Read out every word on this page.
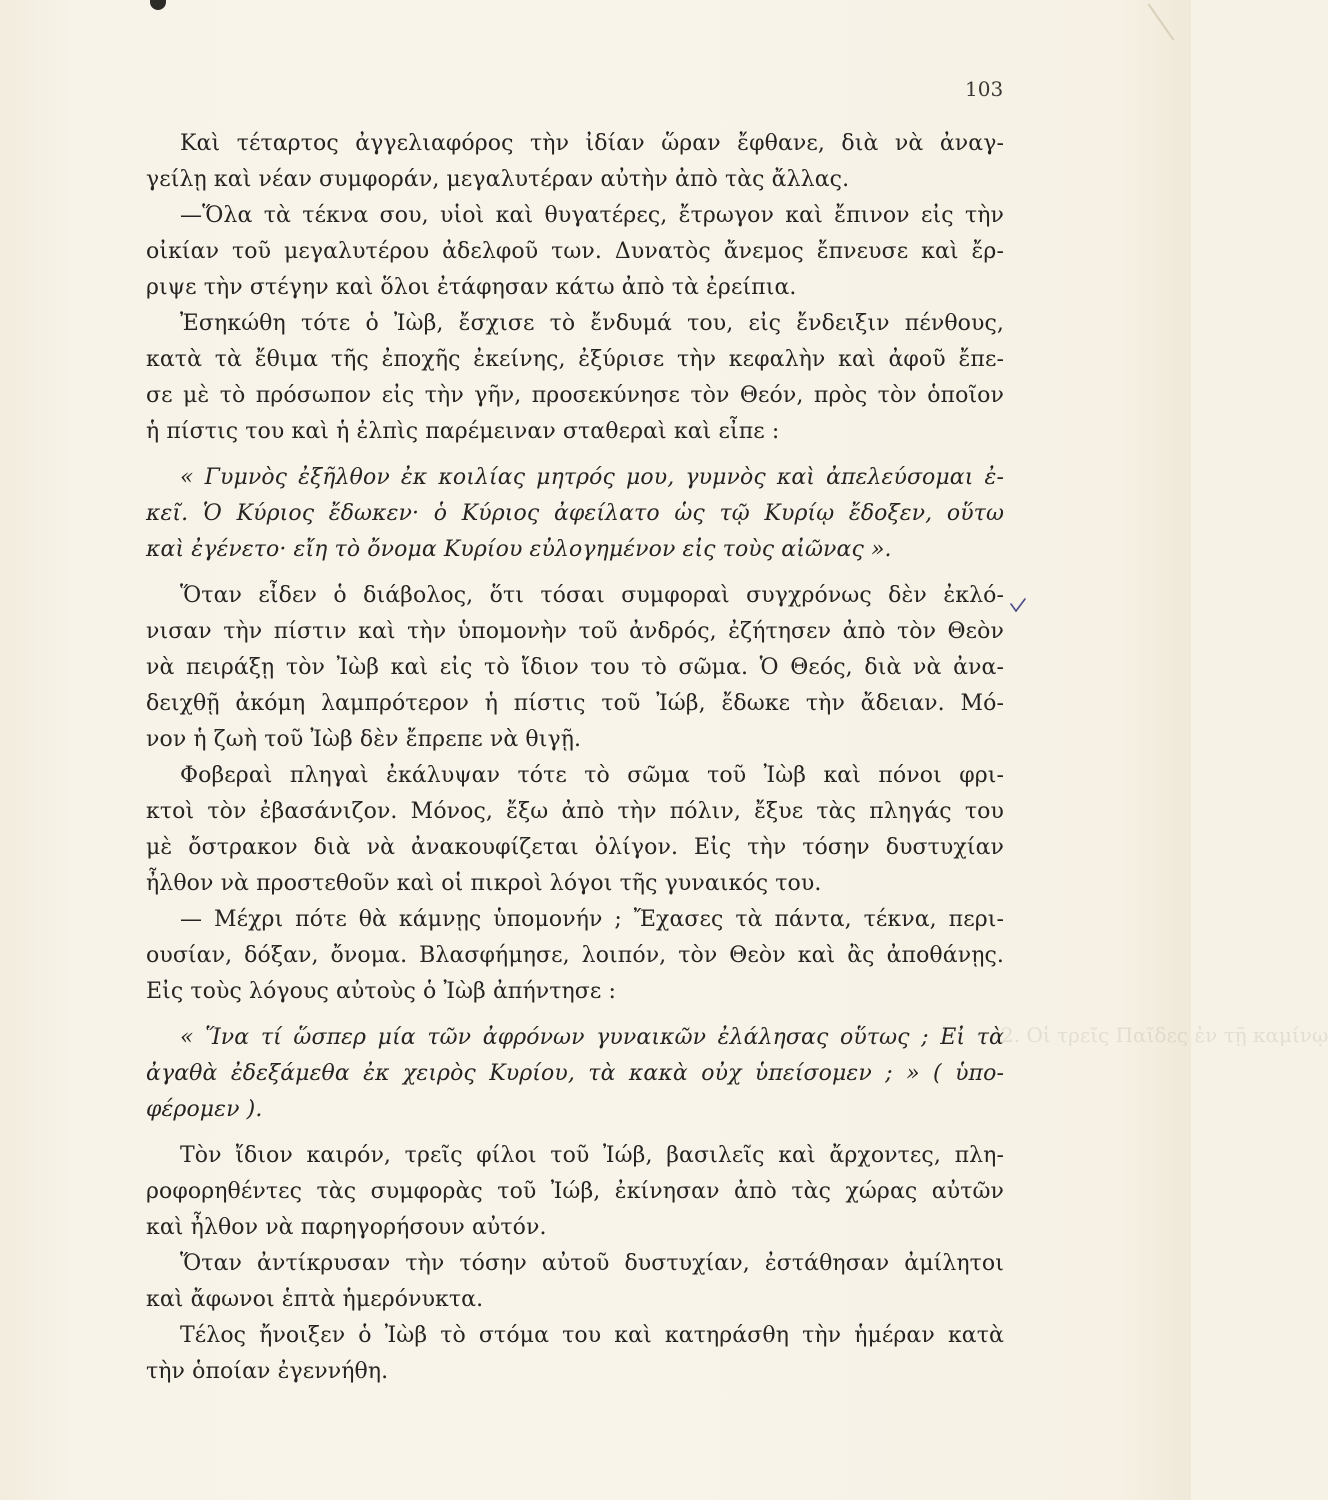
ἐν τῇ καμίνῳ
103
Καὶ τέταρτος ἀγγελιαφόρος τὴν ἰδίαν ὥραν ἔφθανε, διὰ νὰ ἀναγ-
γείλῃ καὶ νέαν συμφοράν, μεγαλυτέραν αὐτὴν ἀπὸ τὰς ἄλλας.
—Ὅλα τὰ τέκνα σου, υἱοὶ καὶ θυγατέρες, ἔτρωγον καὶ ἔπινον εἰς τὴν
οἰκίαν τοῦ μεγαλυτέρου ἀδελφοῦ των. Δυνατὸς ἄνεμος ἔπνευσε καὶ ἔρ-
ριψε τὴν στέγην καὶ ὅλοι ἐτάφησαν κάτω ἀπὸ τὰ ἐρείπια.
Ἐσηκώθη τότε ὁ Ἰὼβ, ἔσχισε τὸ ἔνδυμά του, εἰς ἔνδειξιν πένθους,
κατὰ τὰ ἔθιμα τῆς ἐποχῆς ἐκείνης, ἐξύρισε τὴν κεφαλὴν καὶ ἀφοῦ ἔπε-
σε μὲ τὸ πρόσωπον εἰς τὴν γῆν, προσεκύνησε τὸν Θεόν, πρὸς τὸν ὁποῖον
ἡ πίστις του καὶ ἡ ἐλπὶς παρέμειναν σταθεραὶ καὶ εἶπε :
« Γυμνὸς ἐξῆλθον ἐκ κοιλίας μητρός μου, γυμνὸς καὶ ἀπελεύσομαι ἐ-
κεῖ. Ὁ Κύριος ἔδωκεν· ὁ Κύριος ἀφείλατο ὡς τῷ Κυρίῳ ἔδοξεν, οὕτω
καὶ ἐγένετο· εἴη τὸ ὄνομα Κυρίου εὐλογημένον εἰς τοὺς αἰῶνας ».
Ὅταν εἶδεν ὁ διάβολος, ὅτι τόσαι συμφοραὶ συγχρόνως δὲν ἐκλό-
νισαν τὴν πίστιν καὶ τὴν ὑπομονὴν τοῦ ἀνδρός, ἐζήτησεν ἀπὸ τὸν Θεὸν
νὰ πειράξῃ τὸν Ἰὼβ καὶ εἰς τὸ ἴδιον του τὸ σῶμα. Ὁ Θεός, διὰ νὰ ἀνα-
δειχθῇ ἀκόμη λαμπρότερον ἡ πίστις τοῦ Ἰώβ, ἔδωκε τὴν ἄδειαν. Μό-
νον ἡ ζωὴ τοῦ Ἰὼβ δὲν ἔπρεπε νὰ θιγῇ.
Φοβεραὶ πληγαὶ ἐκάλυψαν τότε τὸ σῶμα τοῦ Ἰὼβ καὶ πόνοι φρι-
κτοὶ τὸν ἐβασάνιζον. Μόνος, ἔξω ἀπὸ τὴν πόλιν, ἔξυε τὰς πληγάς του
μὲ ὄστρακον διὰ νὰ ἀνακουφίζεται ὀλίγον. Εἰς τὴν τόσην δυστυχίαν
ἦλθον νὰ προστεθοῦν καὶ οἱ πικροὶ λόγοι τῆς γυναικός του.
— Μέχρι πότε θὰ κάμνῃς ὑπομονήν ; Ἔχασες τὰ πάντα, τέκνα, περι-
ουσίαν, δόξαν, ὄνομα. Βλασφήμησε, λοιπόν, τὸν Θεὸν καὶ ἂς ἀποθάνῃς.
Εἰς τοὺς λόγους αὐτοὺς ὁ Ἰὼβ ἀπήντησε :
« Ἵνα τί ὥσπερ μία τῶν ἀφρόνων γυναικῶν ἐλάλησας οὕτως ; Εἰ τὰ
ἀγαθὰ ἐδεξάμεθα ἐκ χειρὸς Κυρίου, τὰ κακὰ οὐχ ὑπείσομεν ; » ( ὑπο-
φέρομεν ).
Τὸν ἴδιον καιρόν, τρεῖς φίλοι τοῦ Ἰώβ, βασιλεῖς καὶ ἄρχοντες, πλη-
ροφορηθέντες τὰς συμφορὰς τοῦ Ἰώβ, ἐκίνησαν ἀπὸ τὰς χώρας αὐτῶν
καὶ ἦλθον νὰ παρηγορήσουν αὐτόν.
Ὅταν ἀντίκρυσαν τὴν τόσην αὐτοῦ δυστυχίαν, ἐστάθησαν ἀμίλητοι
καὶ ἄφωνοι ἑπτὰ ἡμερόνυκτα.
Τέλος ἤνοιξεν ὁ Ἰὼβ τὸ στόμα του καὶ κατηράσθη τὴν ἡμέραν κατὰ
τὴν ὁποίαν ἐγεννήθη.
